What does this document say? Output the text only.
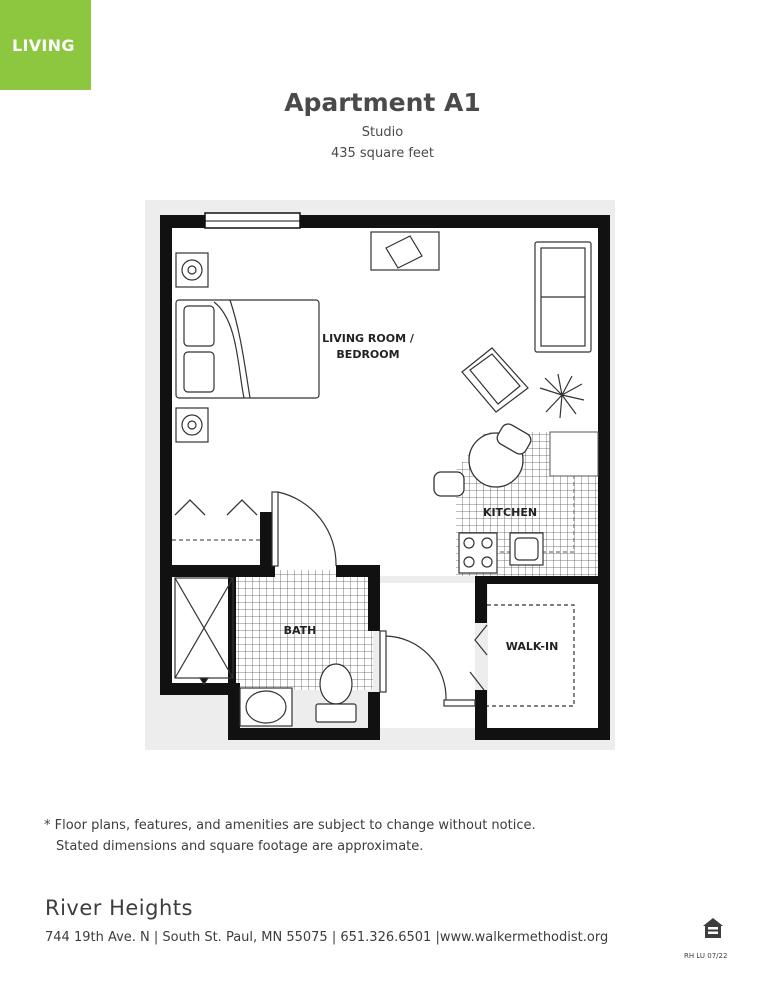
LIVING
Apartment A1
Studio
435 square feet
LIVING ROOM /
BEDROOM
KITCHEN
BATH
WALK-IN
* Floor plans, features, and amenities are subject to change without notice.
Stated dimensions and square footage are approximate.
River Heights
744 19th Ave. N | South St. Paul, MN 55075 | 651.326.6501 |www.walkermethodist.org
RH LU 07/22
